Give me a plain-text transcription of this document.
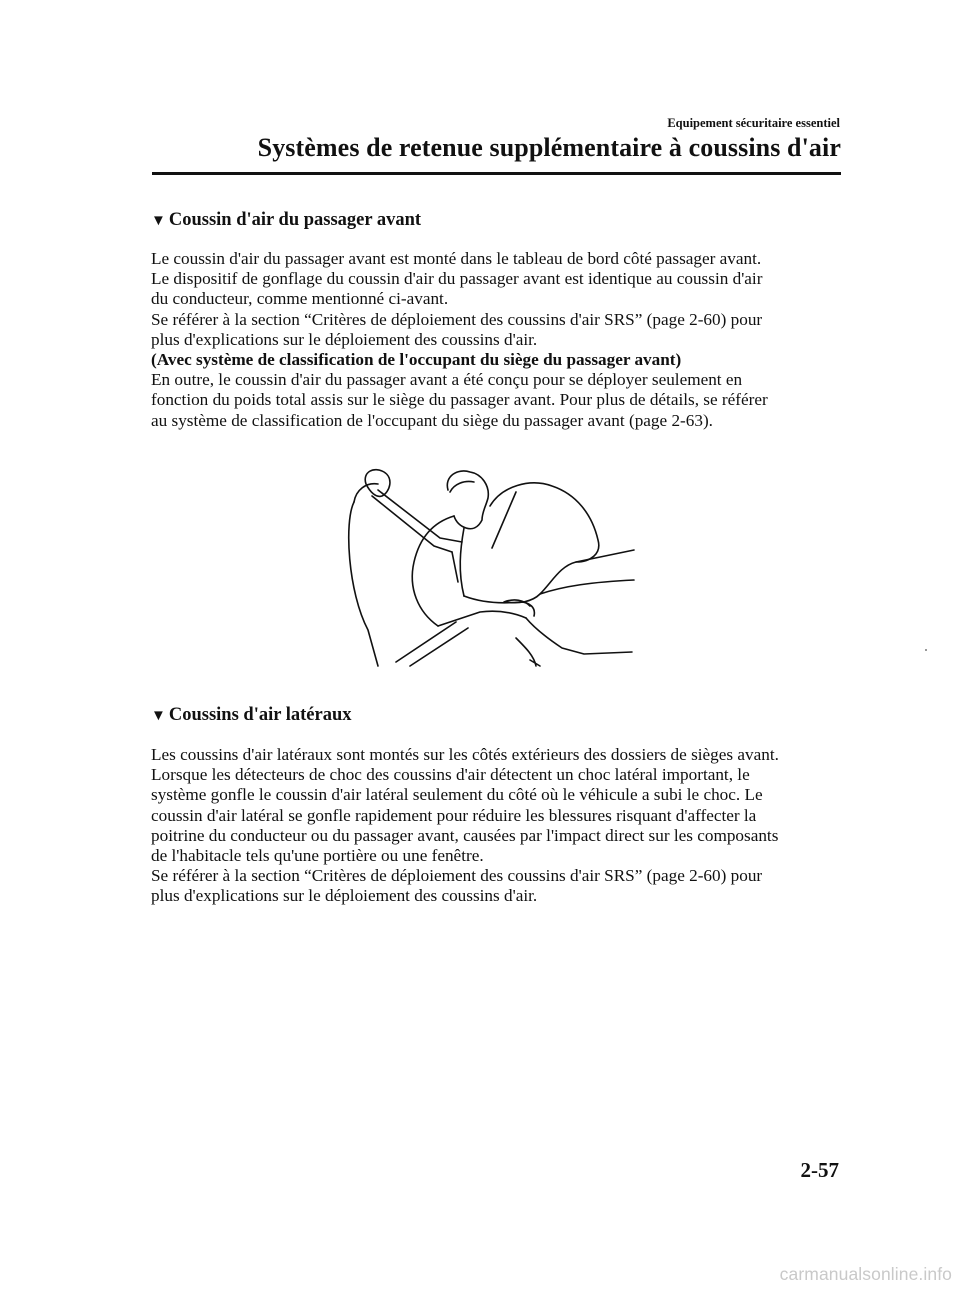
Equipement sécuritaire essentiel
Systèmes de retenue supplémentaire à coussins d'air
▼ Coussin d'air du passager avant
Le coussin d'air du passager avant est monté dans le tableau de bord côté passager avant.
Le dispositif de gonflage du coussin d'air du passager avant est identique au coussin d'air
du conducteur, comme mentionné ci-avant.
Se référer à la section “Critères de déploiement des coussins d'air SRS” (page 2-60) pour
plus d'explications sur le déploiement des coussins d'air.
(Avec système de classification de l'occupant du siège du passager avant)
En outre, le coussin d'air du passager avant a été conçu pour se déployer seulement en
fonction du poids total assis sur le siège du passager avant. Pour plus de détails, se référer
au système de classification de l'occupant du siège du passager avant (page 2-63).
▼ Coussins d'air latéraux
Les coussins d'air latéraux sont montés sur les côtés extérieurs des dossiers de sièges avant.
Lorsque les détecteurs de choc des coussins d'air détectent un choc latéral important, le
système gonfle le coussin d'air latéral seulement du côté où le véhicule a subi le choc. Le
coussin d'air latéral se gonfle rapidement pour réduire les blessures risquant d'affecter la
poitrine du conducteur ou du passager avant, causées par l'impact direct sur les composants
de l'habitacle tels qu'une portière ou une fenêtre.
Se référer à la section “Critères de déploiement des coussins d'air SRS” (page 2-60) pour
plus d'explications sur le déploiement des coussins d'air.
2-57
carmanualsonline.info
